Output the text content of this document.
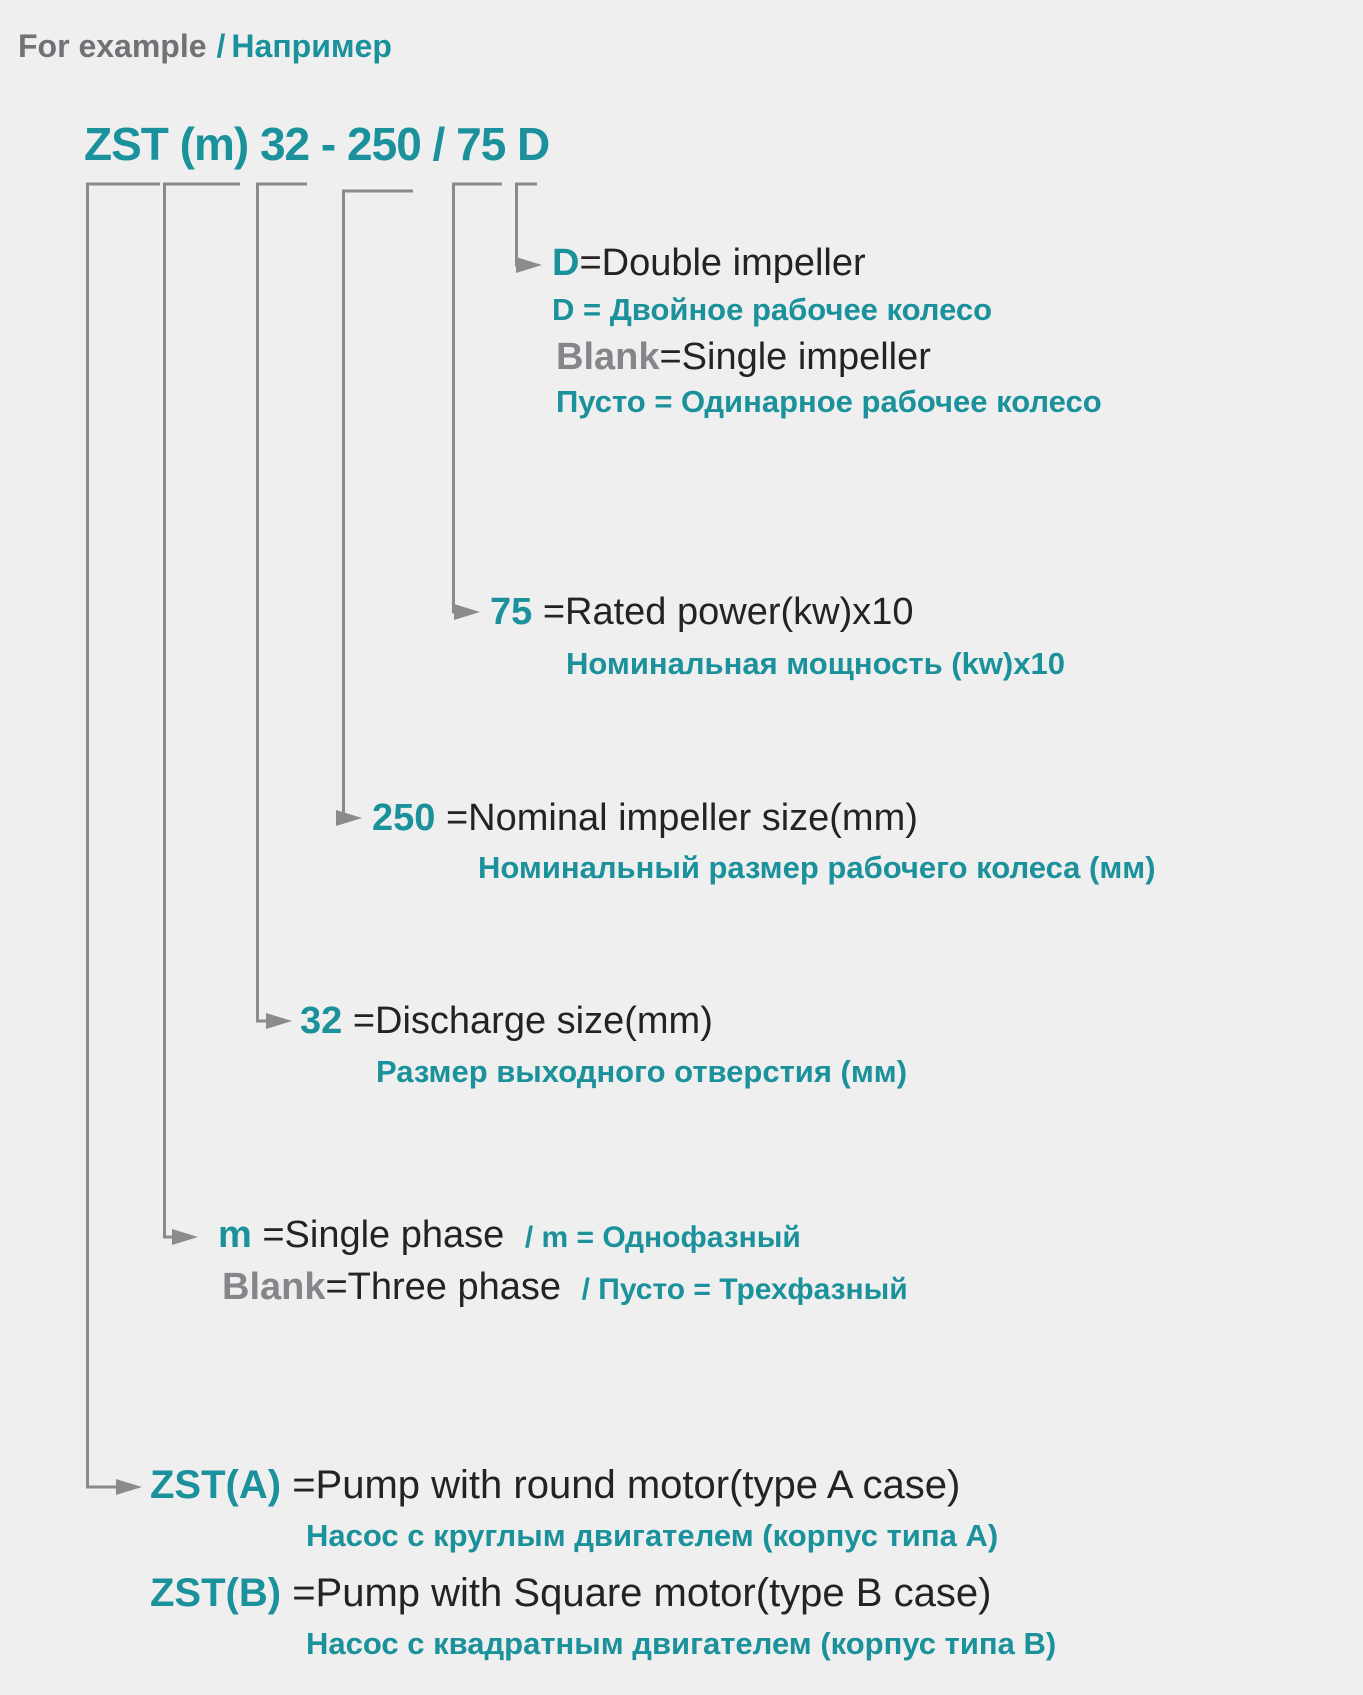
For example / Например
ZST (m) 32 - 250 / 75 D
D=Double impeller
D = Двойное рабочее колесо
Blank=Single impeller
Пусто = Одинарное рабочее колесо
75 =Rated power(kw)x10
Номинальная мощность (kw)x10
250 =Nominal impeller size(mm)
Номинальный размер рабочего колеса (мм)
32 =Discharge size(mm)
Размер выходного отверстия (мм)
m =Single phase / m = Однофазный
Blank=Three phase / Пусто = Трехфазный
ZST(A) =Pump with round motor(type A case)
Насос с круглым двигателем (корпус типа A)
ZST(B) =Pump with Square motor(type B case)
Насос с квадратным двигателем (корпус типа B)
